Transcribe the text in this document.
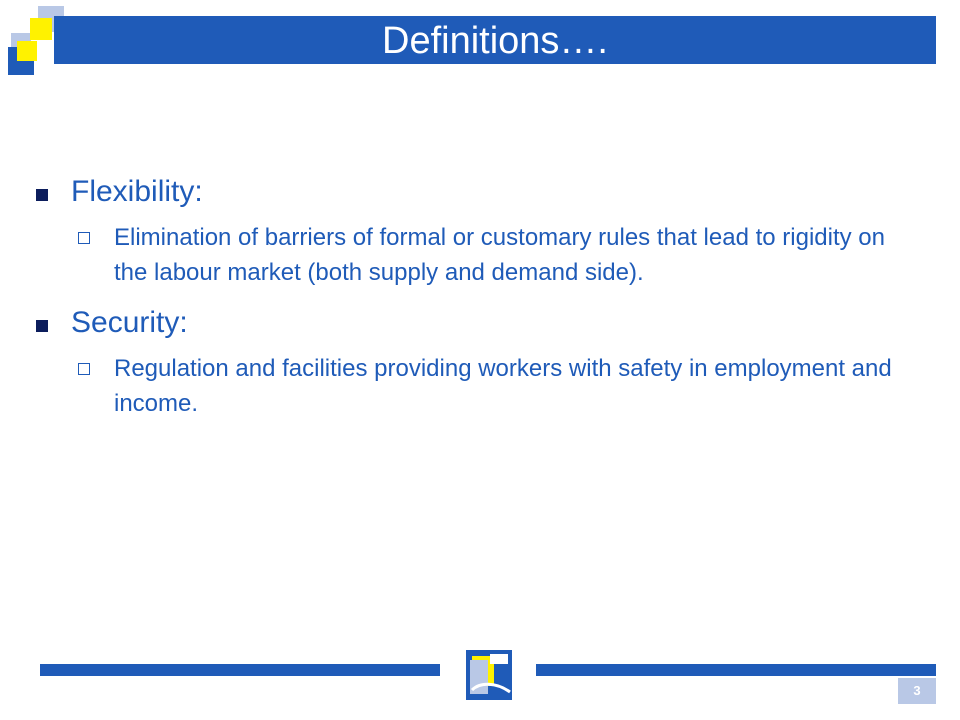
Definitions….
Flexibility:
Elimination of barriers of formal or customary rules that lead to rigidity on the labour market (both supply and demand side).
Security:
Regulation and facilities providing workers with safety in employment and income.
3
